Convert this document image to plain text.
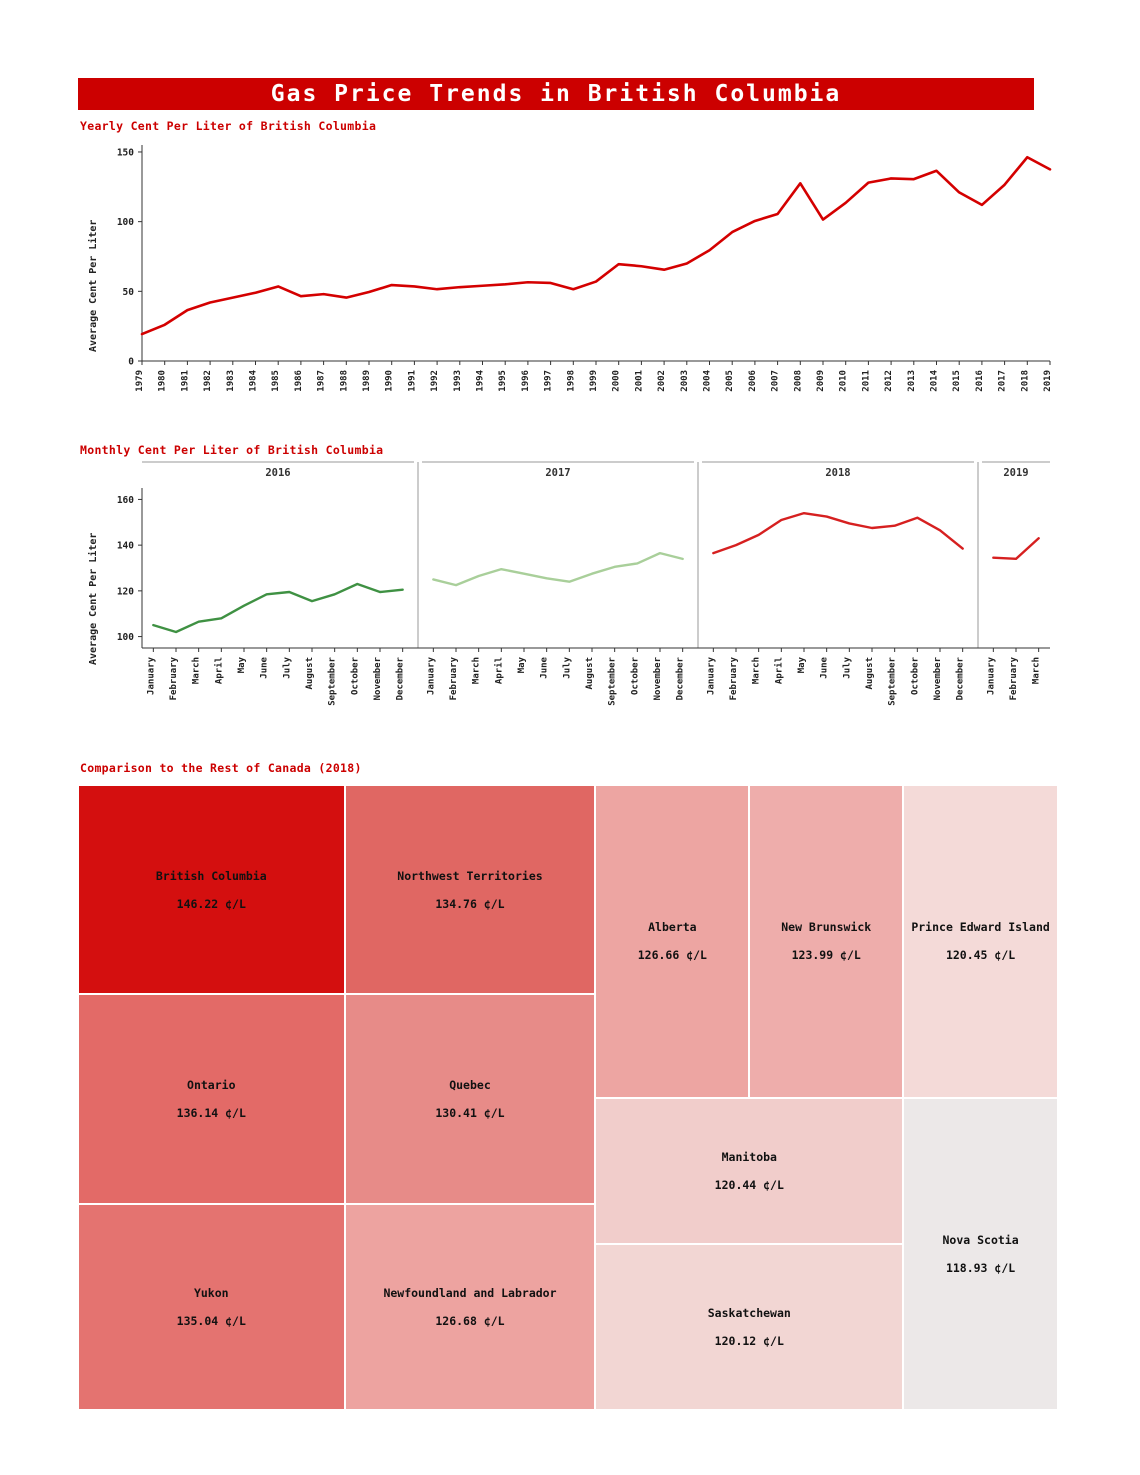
Gas Price Trends in British Columbia
Yearly Cent Per Liter of British Columbia
Average Cent Per Liter
0
50
100
150
1979 1980 1981 1982 1983 1984 1985 1986 1987 1988 1989 1990 1991 1992 1993 1994 1995 1996 1997 1998 1999 2000 2001 2002 2003 2004 2005 2006 2007 2008 2009 2010 2011 2012 2013 2014 2015 2016 2017 2018 2019
Monthly Cent Per Liter of British Columbia
Average Cent Per Liter 100
120
140
160
2016
January February March April May June July August September October November December
2017
January February March April May June July August September October November December
2018
January February March April May June July August September October November December
2019
January February March
Comparison to the Rest of Canada (2018)
British Columbia
146.22 ¢/L
Ontario
136.14 ¢/L
Yukon
135.04 ¢/L
Northwest Territories
134.76 ¢/L
Quebec
130.41 ¢/L
Newfoundland and Labrador
126.68 ¢/L
Alberta
126.66 ¢/L
New Brunswick
123.99 ¢/L
Prince Edward Island
120.45 ¢/L
Manitoba
120.44 ¢/L
Saskatchewan
120.12 ¢/L
Nova Scotia
118.93 ¢/L
